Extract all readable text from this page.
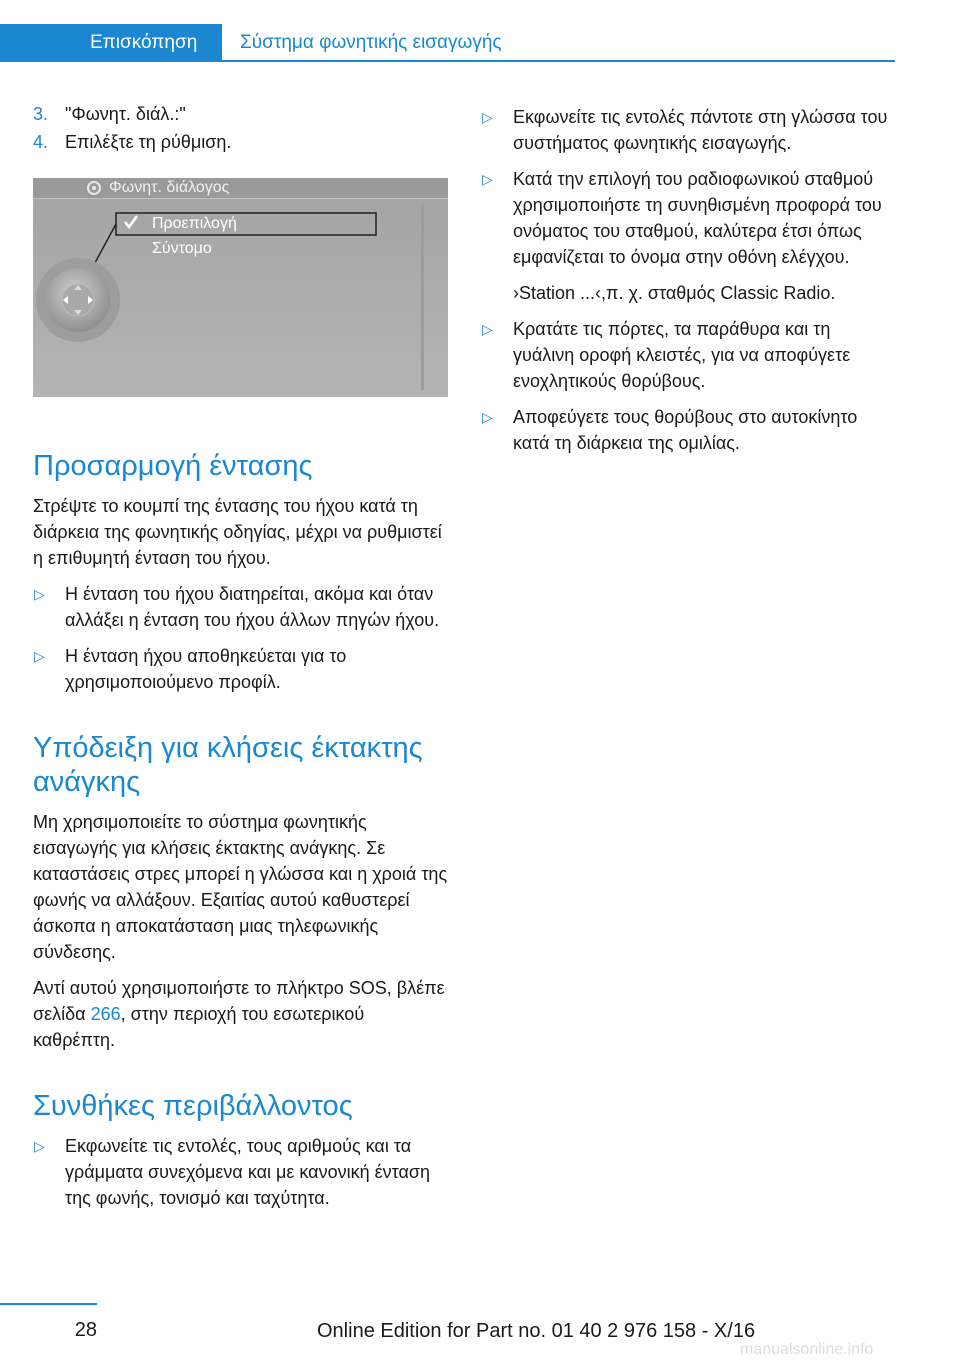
Επισκόπηση	Σύστημα φωνητικής εισαγωγής
3. "Φωνητ. διάλ.:"
4. Επιλέξτε τη ρύθμιση.
Φωνητ. διάλογος
Προεπιλογή
Σύντομο
Προσαρμογή έντασης

Στρέψτε το κουμπί της έντασης του ήχου κατά τη διάρκεια της φωνητικής οδηγίας, μέχρι να ρυθμιστεί η επιθυμητή ένταση του ήχου.

▷	Η ένταση του ήχου διατηρείται, ακόμα και όταν αλλάξει η ένταση του ήχου άλλων πηγών ήχου.
▷	Η ένταση ήχου αποθηκεύεται για το χρησιμοποιούμενο προφίλ.
Υπόδειξη για κλήσεις έκτακτης ανάγκης

Μη χρησιμοποιείτε το σύστημα φωνητικής εισαγωγής για κλήσεις έκτακτης ανάγκης. Σε καταστάσεις στρες μπορεί η γλώσσα και η χροιά της φωνής να αλλάξουν. Εξαιτίας αυτού καθυστερεί άσκοπα η αποκατάσταση μιας τηλεφωνικής σύνδεσης.

Αντί αυτού χρησιμοποιήστε το πλήκτρο SOS, βλέπε σελίδα 266, στην περιοχή του εσωτερικού καθρέπτη.

Συνθήκες περιβάλλοντος
▷	Εκφωνείτε τις εντολές, τους αριθμούς και τα γράμματα συνεχόμενα και με κανονική ένταση της φωνής, τονισμό και ταχύτητα.
▷	Εκφωνείτε τις εντολές πάντοτε στη γλώσσα του συστήματος φωνητικής εισαγωγής.
▷	Κατά την επιλογή του ραδιοφωνικού σταθμού χρησιμοποιήστε τη συνηθισμένη προφορά του ονόματος του σταθμού, καλύτερα έτσι όπως εμφανίζεται το όνομα στην οθόνη ελέγχου.

›Station ...‹,π. χ. σταθμός Classic Radio.

▷	Κρατάτε τις πόρτες, τα παράθυρα και τη γυάλινη οροφή κλειστές, για να αποφύγετε ενοχλητικούς θορύβους.
▷	Αποφεύγετε τους θορύβους στο αυτοκίνητο κατά τη διάρκεια της ομιλίας.
28	Online Edition for Part no. 01 40 2 976 158 - X/16
manualsonline.info
